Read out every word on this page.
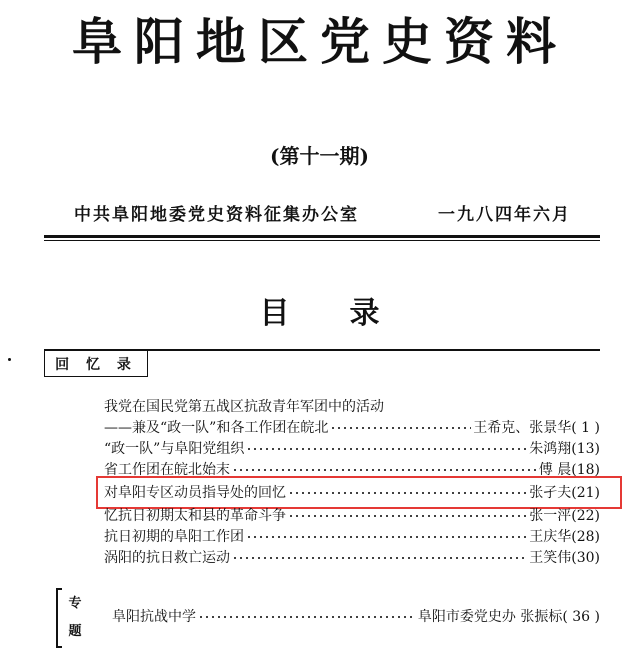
阜阳地区党史资料
(第十一期)
中共阜阳地委党史资料征集办公室	一九八四年六月
目录
回 忆 录
我党在国民党第五战区抗敌青年军团中的活动
——兼及“政一队”和各工作团在皖北	王希克、张景华 ( 1 )
“政一队”与阜阳党组织	朱鸿翔 (13)
省工作团在皖北始末	傅 晨 (18)
对阜阳专区动员指导处的回忆	张孑夫 (21)
忆抗日初期太和县的革命斗争	张一泙 (22)
抗日初期的阜阳工作团	王庆华 (28)
涡阳的抗日救亡运动	王笑伟 (30)
专题
阜阳抗战中学	阜阳市委党史办 张振标 ( 36 )
